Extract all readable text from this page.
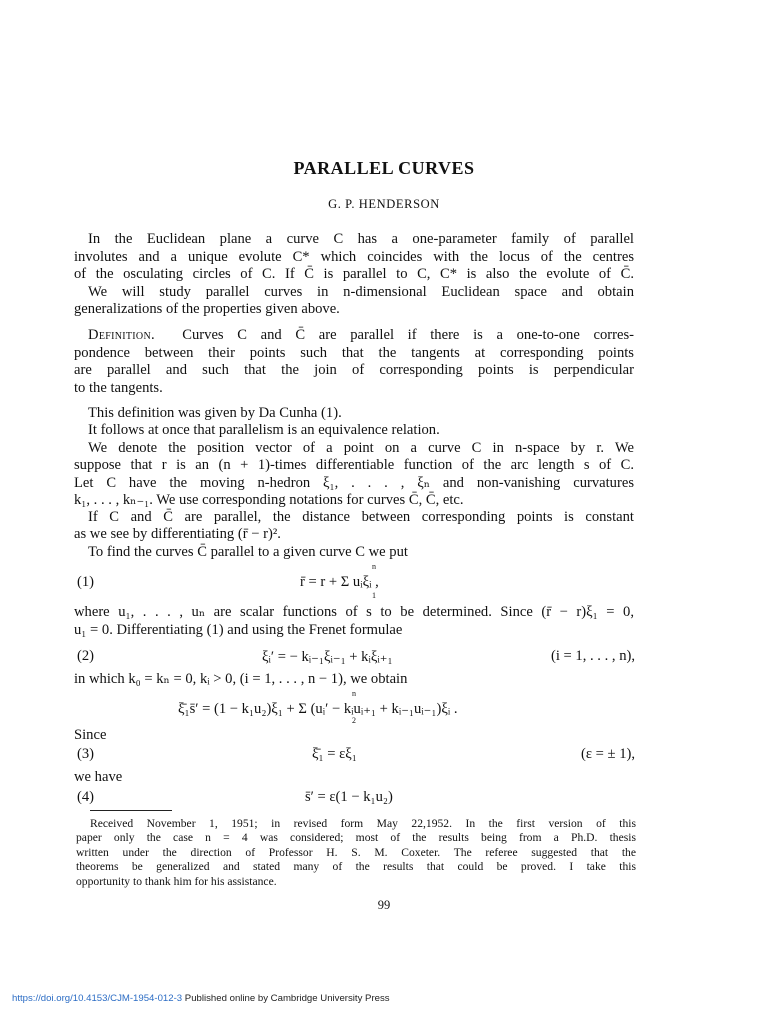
PARALLEL CURVES
G. P. HENDERSON
In the Euclidean plane a curve C has a one-parameter family of parallel
involutes and a unique evolute C* which coincides with the locus of the centres
of the osculating circles of C. If C̄ is parallel to C, C* is also the evolute of C̄.
We will study parallel curves in n-dimensional Euclidean space and obtain
generalizations of the properties given above.
Definition. Curves C and C̄ are parallel if there is a one-to-one corres-
pondence between their points such that the tangents at corresponding points
are parallel and such that the join of corresponding points is perpendicular
to the tangents.
This definition was given by Da Cunha (1).
It follows at once that parallelism is an equivalence relation.
We denote the position vector of a point on a curve C in n-space by r. We
suppose that r is an (n + 1)-times differentiable function of the arc length s of C.
Let C have the moving n-hedron ξ₁, . . . , ξₙ and non-vanishing curvatures
k₁, . . . , kₙ₋₁. We use corresponding notations for curves C̄, C̄, etc.
If C and C̄ are parallel, the distance between corresponding points is constant
as we see by differentiating (r̄ − r)².
To find the curves C̄ parallel to a given curve C we put
(1)	r̄ = r + Σ uᵢξᵢ ,
n
1
where u₁, . . . , uₙ are scalar functions of s to be determined. Since (r̄ − r)ξ₁ = 0,
u₁ = 0. Differentiating (1) and using the Frenet formulae
(2)	ξᵢ′ = − kᵢ₋₁ξᵢ₋₁ + kᵢξᵢ₊₁	(i = 1, . . . , n),
in which k₀ = kₙ = 0, kᵢ > 0, (i = 1, . . . , n − 1), we obtain
ξ̄₁s̄′ = (1 − k₁u₂)ξ₁ + Σ (uᵢ′ − kᵢuᵢ₊₁ + kᵢ₋₁uᵢ₋₁)ξᵢ .
n
2
Since
(3)	ξ̄₁ = εξ₁	(ε = ± 1),
we have
(4)	s̄′ = ε(1 − k₁u₂)
Received November 1, 1951; in revised form May 22,1952. In the first version of this
paper only the case n = 4 was considered; most of the results being from a Ph.D. thesis
written under the direction of Professor H. S. M. Coxeter. The referee suggested that the
theorems be generalized and stated many of the results that could be proved. I take this
opportunity to thank him for his assistance.
99
https://doi.org/10.4153/CJM-1954-012-3 Published online by Cambridge University Press
